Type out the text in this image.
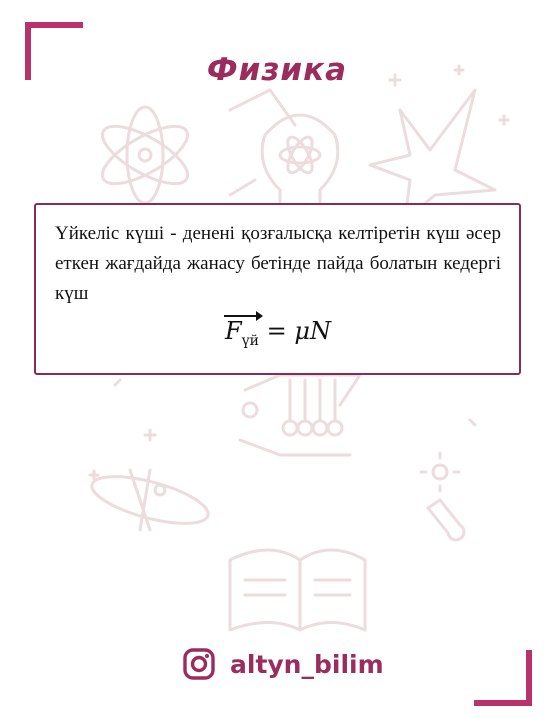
Физика

Үйкеліс күші - денені қозғалысқа келтіретін күш әсер еткен жағдайда жанасу бетінде пайда болатын кедергі күш

$F_{үй} = \mu N$
altyn_bilim
